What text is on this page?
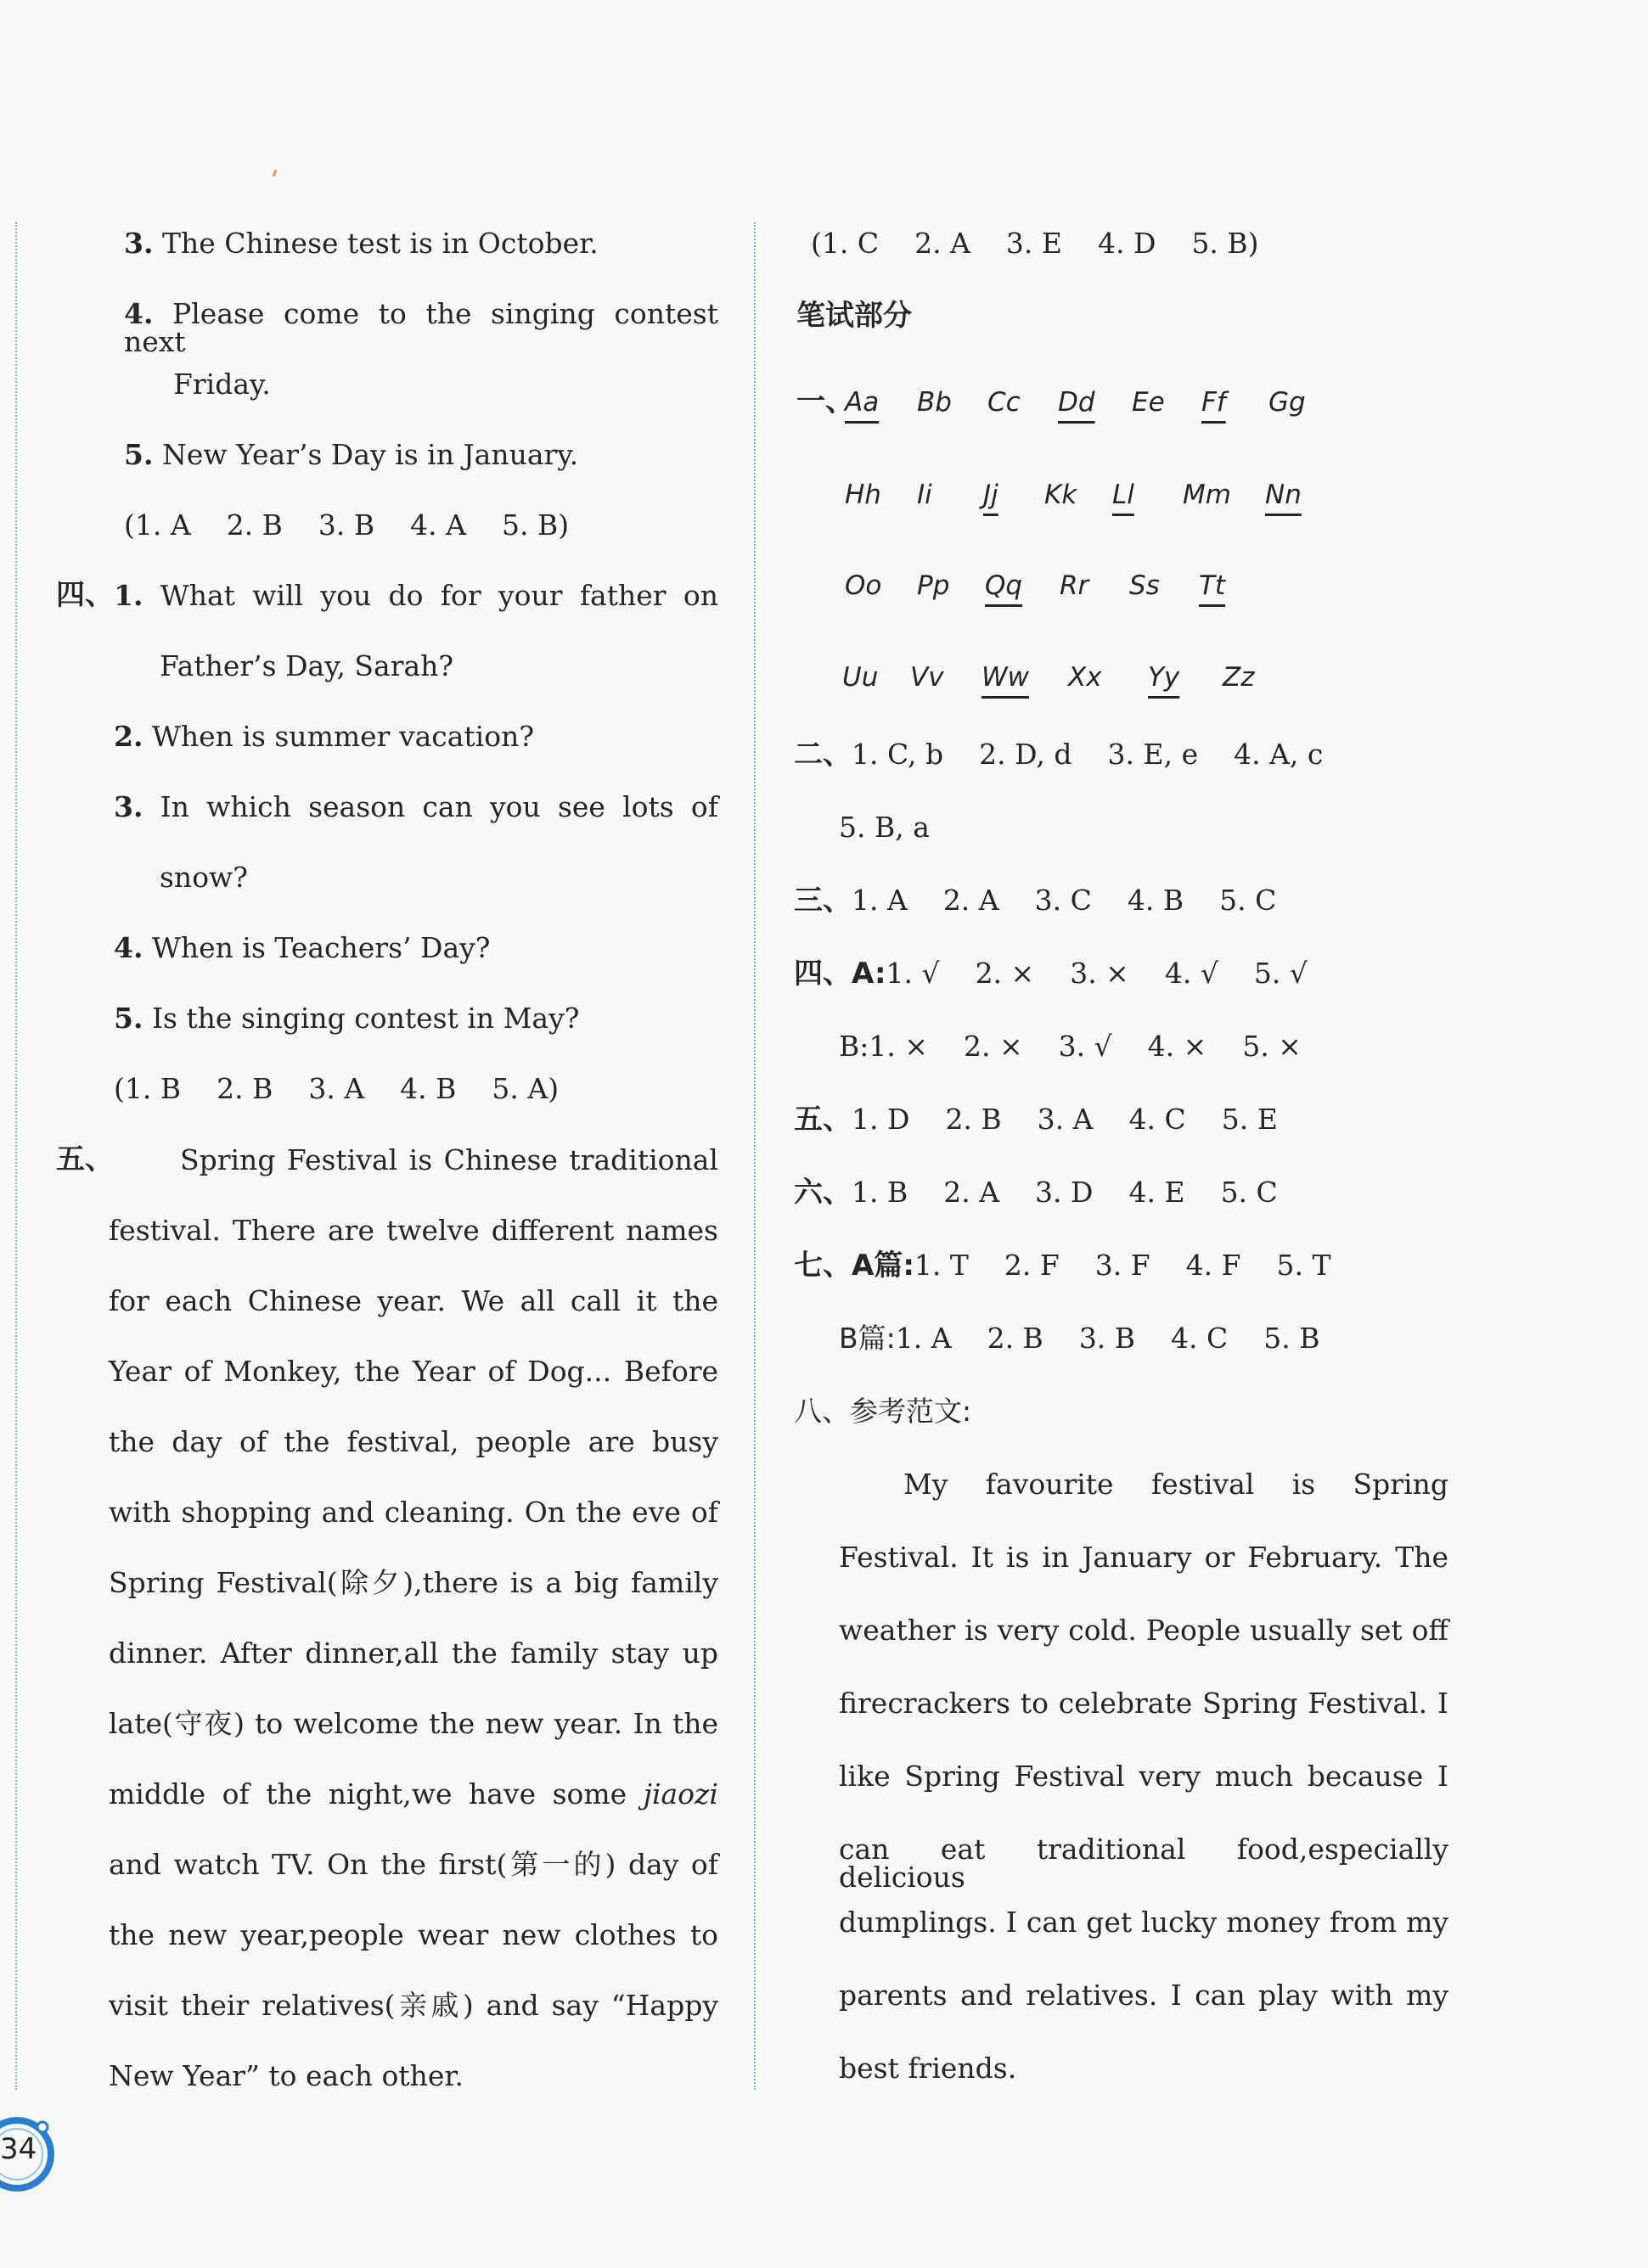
3. The Chinese test is in October.
4. Please come to the singing contest next
Friday.
5. New Year’s Day is in January.
(1. A 2. B 3. B 4. A 5. B)
四、 1. What will you do for your father on
Father’s Day, Sarah?
2. When is summer vacation?
3. In which season can you see lots of
snow?
4. When is Teachers’ Day?
5. Is the singing contest in May?
(1. B 2. B 3. A 4. B 5. A)
五、 Spring Festival is Chinese traditional
festival. There are twelve different names
for each Chinese year. We all call it the
Year of Monkey, the Year of Dog... Before
the day of the festival, people are busy
with shopping and cleaning. On the eve of
Spring Festival(除夕),there is a big family
dinner. After dinner,all the family stay up
late(守夜) to welcome the new year. In the
middle of the night,we have some jiaozi
and watch TV. On the first(第一的) day of
the new year,people wear new clothes to
visit their relatives(亲戚) and say “Happy
New Year” to each other.
(1. C 2. A 3. E 4. D 5. B)
笔试部分
一、
Aa Bb Cc Dd Ee Ff Gg
Hh Ii Jj Kk Ll Mm Nn
Oo Pp Qq Rr Ss Tt
Uu Vv Ww Xx Yy Zz
二、1. C, b 2. D, d 3. E, e 4. A, c
5. B, a
三、1. A 2. A 3. C 4. B 5. C
四、A:1. √ 2. × 3. × 4. √ 5. √
B:1. × 2. × 3. √ 4. × 5. ×
五、1. D 2. B 3. A 4. C 5. E
六、1. B 2. A 3. D 4. E 5. C
七、A篇:1. T 2. F 3. F 4. F 5. T
B篇:1. A 2. B 3. B 4. C 5. B
八、参考范文:
My favourite festival is Spring
Festival. It is in January or February. The
weather is very cold. People usually set off
firecrackers to celebrate Spring Festival. I
like Spring Festival very much because I
can eat traditional food,especially delicious
dumplings. I can get lucky money from my
parents and relatives. I can play with my
best friends.
34
